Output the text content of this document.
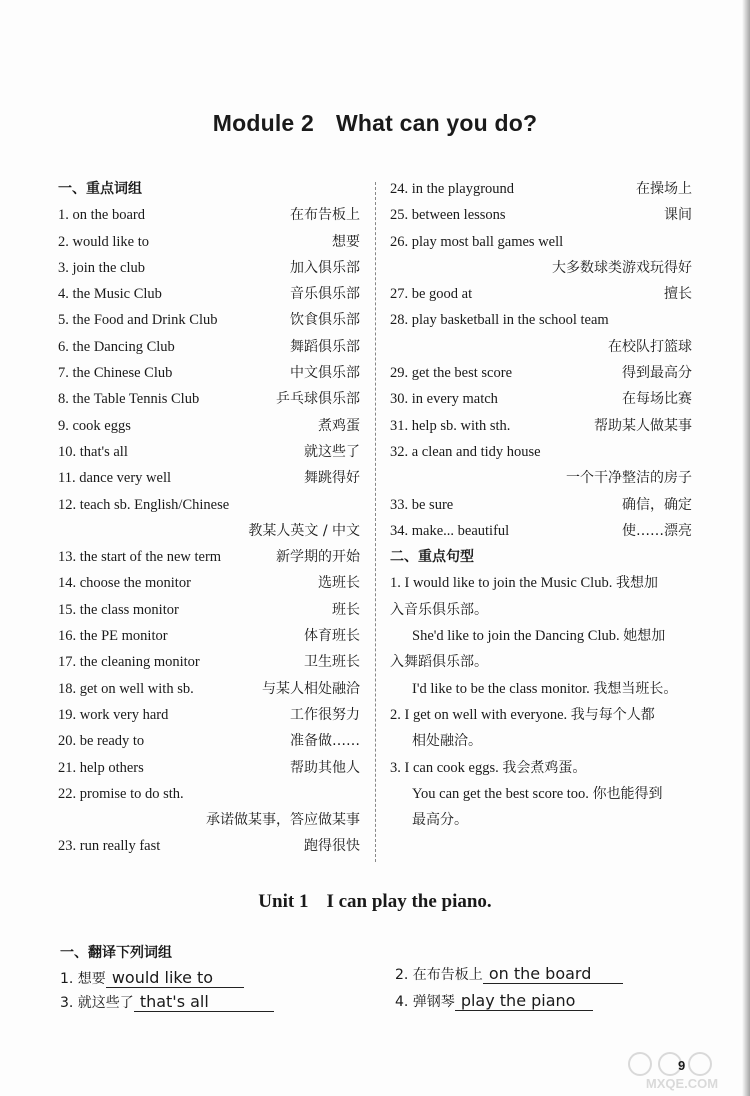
Module 2 What can you do?
一、重点词组
1. on the board	在布告板上
2. would like to	想要
3. join the club	加入俱乐部
4. the Music Club	音乐俱乐部
5. the Food and Drink Club	饮食俱乐部
6. the Dancing Club	舞蹈俱乐部
7. the Chinese Club	中文俱乐部
8. the Table Tennis Club	乒乓球俱乐部
9. cook eggs	煮鸡蛋
10. that's all	就这些了
11. dance very well	舞跳得好
12. teach sb. English/Chinese
教某人英文 / 中文
13. the start of the new term	新学期的开始
14. choose the monitor	选班长
15. the class monitor	班长
16. the PE monitor	体育班长
17. the cleaning monitor	卫生班长
18. get on well with sb.	与某人相处融洽
19. work very hard	工作很努力
20. be ready to	准备做……
21. help others	帮助其他人
22. promise to do sth.
承诺做某事，答应做某事
23. run really fast	跑得很快
24. in the playground	在操场上
25. between lessons	课间
26. play most ball games well
大多数球类游戏玩得好
27. be good at	擅长
28. play basketball in the school team
在校队打篮球
29. get the best score	得到最高分
30. in every match	在每场比赛
31. help sb. with sth.	帮助某人做某事
32. a clean and tidy house
一个干净整洁的房子
33. be sure	确信，确定
34. make... beautiful	使……漂亮
二、重点句型
1. I would like to join the Music Club. 我想加
入音乐俱乐部。
She'd like to join the Dancing Club. 她想加
入舞蹈俱乐部。
I'd like to be the class monitor. 我想当班长。
2. I get on well with everyone. 我与每个人都
相处融洽。
3. I can cook eggs. 我会煮鸡蛋。
You can get the best score too. 你也能得到
最高分。
Unit 1 I can play the piano.
一、翻译下列词组
1. 想要 would like to	2. 在布告板上 on the board
3. 就这些了 that's all	4. 弹钢琴 play the piano
MXQE.COM
9
